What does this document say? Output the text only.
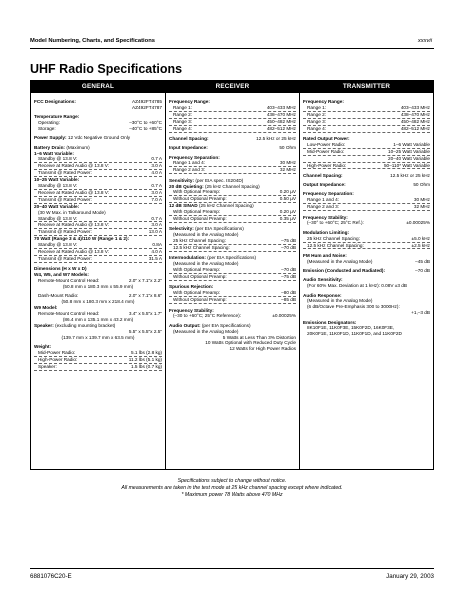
Model Numbering, Charts, and Specifications	xxxvii
UHF Radio Specifications
GENERAL	RECEIVER	TRANSMITTER
FCC Designations:	AZ492FT4785
AZ492FT4787
Temperature Range:
Operating:	–30°C to +60°C
Storage:	–40°C to +85°C
Power Supply: 12 Vdc Negative Ground Only
Battery Drain: (Maximum)
1–6 Watt Variable:
Standby @ 13.8 V:	0.7 A
Receive at Rated Audio @ 13.8 V:	3.0 A
Transmit @ Rated Power:	4.0 A
10–25 Watt Variable:
Standby @ 13.8 V:	0.7 A
Receive at Rated Audio @ 13.8 V:	3.0 A
Transmit @ Rated Power:	7.0 A
20–40 Watt Variable:
(30 W Max. in Talkaround Mode)
Standby @ 13.8 V:	0.7 A
Receive at Rated Audio @ 13.8 V:	3.0 A
Transmit @ Rated Power:	13.0 A
70 Watt (Range 3 & 4)/110 W (Range 1 & 2):
Standby @ 13.8 V:	0.8A
Receive at Rated Audio @ 13.8 V:	4.0 A
Transmit @ Rated Power:	31.5 A
Dimensions (H x W x D)
W4, W5, and W7 Models:
Remote-Mount Control Head:	2.0" x 7.1"x 2.2"
(50.8 mm x 180.3 mm x 55.9 mm)
Dash-Mount Radio:	2.0" x 7.1"x 8.6"
(50.8 mm x 180.3 mm x 218.4 mm)
W9 Model:
Remote-Mount Control Head:	3.4" x 5.5"x 1.7"
(86.4 mm x 135.1 mm x 43.2 mm)
Speaker: (excluding mounting bracket)
5.5" x 5.5"x 2.5"
(139.7 mm x 139.7 mm x 63.5 mm)
Weight:
Mid-Power Radio:	5.1 lbs (2.8 kg)
High-Power Radio:	11.2 lbs (5.1 kg)
Speaker:	1.5 lbs (0.7 kg)
Frequency Range:
Range 1:	403–433 MHz
Range 2:	438–470 MHz
Range 3:	450–482 MHz
Range 4:	482–512 MHz
Channel Spacing:	12.5 kHz or 25 kHz
Input Impedance:	50 Ohm
Frequency Separation:
Range 1 and 4:	30 MHz
Range 2 and 3:	32 MHz
Sensitivity: (per EIA spec. IS204D)
20 dB Quieting: (25 kHz Channel Spacing)
With Optional Preamp:	0.20 µV
Without Optional Preamp:	0.50 µV
12 dB SINAD (25 kHz Channel Spacing)
With Optional Preamp:	0.20 µV
Without Optional Preamp:	0.35 µV
Selectivity: (per EIA Specifications)
(Measured in the Analog Mode)
25 kHz Channel Spacing:	–75 dB
12.5 kHz Channel Spacing:	–70 dB
Intermodulation: (per EIA Specifications)
(Measured in the Analog Mode)
With Optional Preamp:	–70 dB
Without Optional Preamp:	–75 dB
Spurious Rejection:
With Optional Preamp:	–80 dB
Without Optional Preamp:	–85 dB
Frequency Stability:
(–30 to +60°C; 25°C Reference):	±0.00025%
Audio Output: (per EIA Specifications)
(Measured in the Analog Mode)
5 Watts at Less Than 3% Distortion
10 Watts Optional with Reduced Duty Cycle
12 Watts for High Power Radios
Frequency Range:
Range 1:	403–433 MHz
Range 2:	438–470 MHz
Range 3:	450–482 MHz
Range 4:	482–512 MHz
Rated Output Power:
Low-Power Radio:	1–6 Watt Variable
Mid-Power Radio:	10–25 Watt Variable
20–40 Watt Variable
High-Power Radio:	50–110* Watt Variable
Channel Spacing:	12.5 kHz or 25 kHz
Output Impedance:	50 Ohm
Frequency Separation:
Range 1 and 4:	30 MHz
Range 2 and 3:	32 MHz
Frequency Stability:
(–30° to +60°C; 25°C Ref.):	±0.00025%
Modulation Limiting:
25 kHz Channel Spacing:	±5.0 kHz
12.5 kHz Channel Spacing:	±2.5 kHz
FM Hum and Noise:
(Measured in the Analog Mode)	–45 dB
Emission (Conducted and Radiated):	–70 dB
Audio Sensitivity:
(For 60% Max. Deviation at 1 kHz): 0.08V ±3 dB
Audio Response:
(Measured in the Analog Mode)
(6 dB/Octave Pre-Emphasis 300 to 3000Hz):
+1,–3 dB
Emissions Designators:
8K10F1E, 11K0F3E, 15K0F2D, 16K0F3E,
20K0F1E, 11K0F1D, 11K0F1D, and 11K0F2D
Specifications subject to change without notice.
All measurements are taken in the test mode at 25 kHz channel spacing except where indicated.
* Maximum power 78 Watts above 470 MHz
6881076C20-E	January 29, 2003
